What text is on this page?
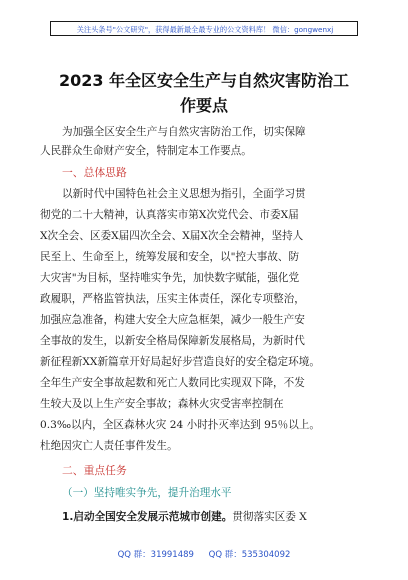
关注头条号"公文研究"，获得最新最全最专业的公文资料库！ 微信：gongwenxj
2023 年全区安全生产与自然灾害防治工
作要点
为加强全区安全生产与自然灾害防治工作，切实保障
人民群众生命财产安全，特制定本工作要点。
一、总体思路
以新时代中国特色社会主义思想为指引，全面学习贯
彻党的二十大精神，认真落实市第X次党代会、市委X届
X次全会、区委X届四次全会、X届X次全会精神，坚持人
民至上、生命至上，统筹发展和安全，以"控大事故、防
大灾害"为目标，坚持唯实争先，加快数字赋能，强化党
政履职，严格监管执法，压实主体责任，深化专项整治，
加强应急准备，构建大安全大应急框架，减少一般生产安
全事故的发生，以新安全格局保障新发展格局，为新时代
新征程新XX新篇章开好局起好步营造良好的安全稳定环境。
全年生产安全事故起数和死亡人数同比实现双下降，不发
生较大及以上生产安全事故；森林火灾受害率控制在
0.3‰以内，全区森林火灾 24 小时扑灭率达到 95％以上。
杜绝因灾亡人责任事件发生。
二、重点任务
（一）坚持唯实争先，提升治理水平
1.启动全国安全发展示范城市创建。贯彻落实区委 X
QQ 群：31991489 QQ 群：535304092
